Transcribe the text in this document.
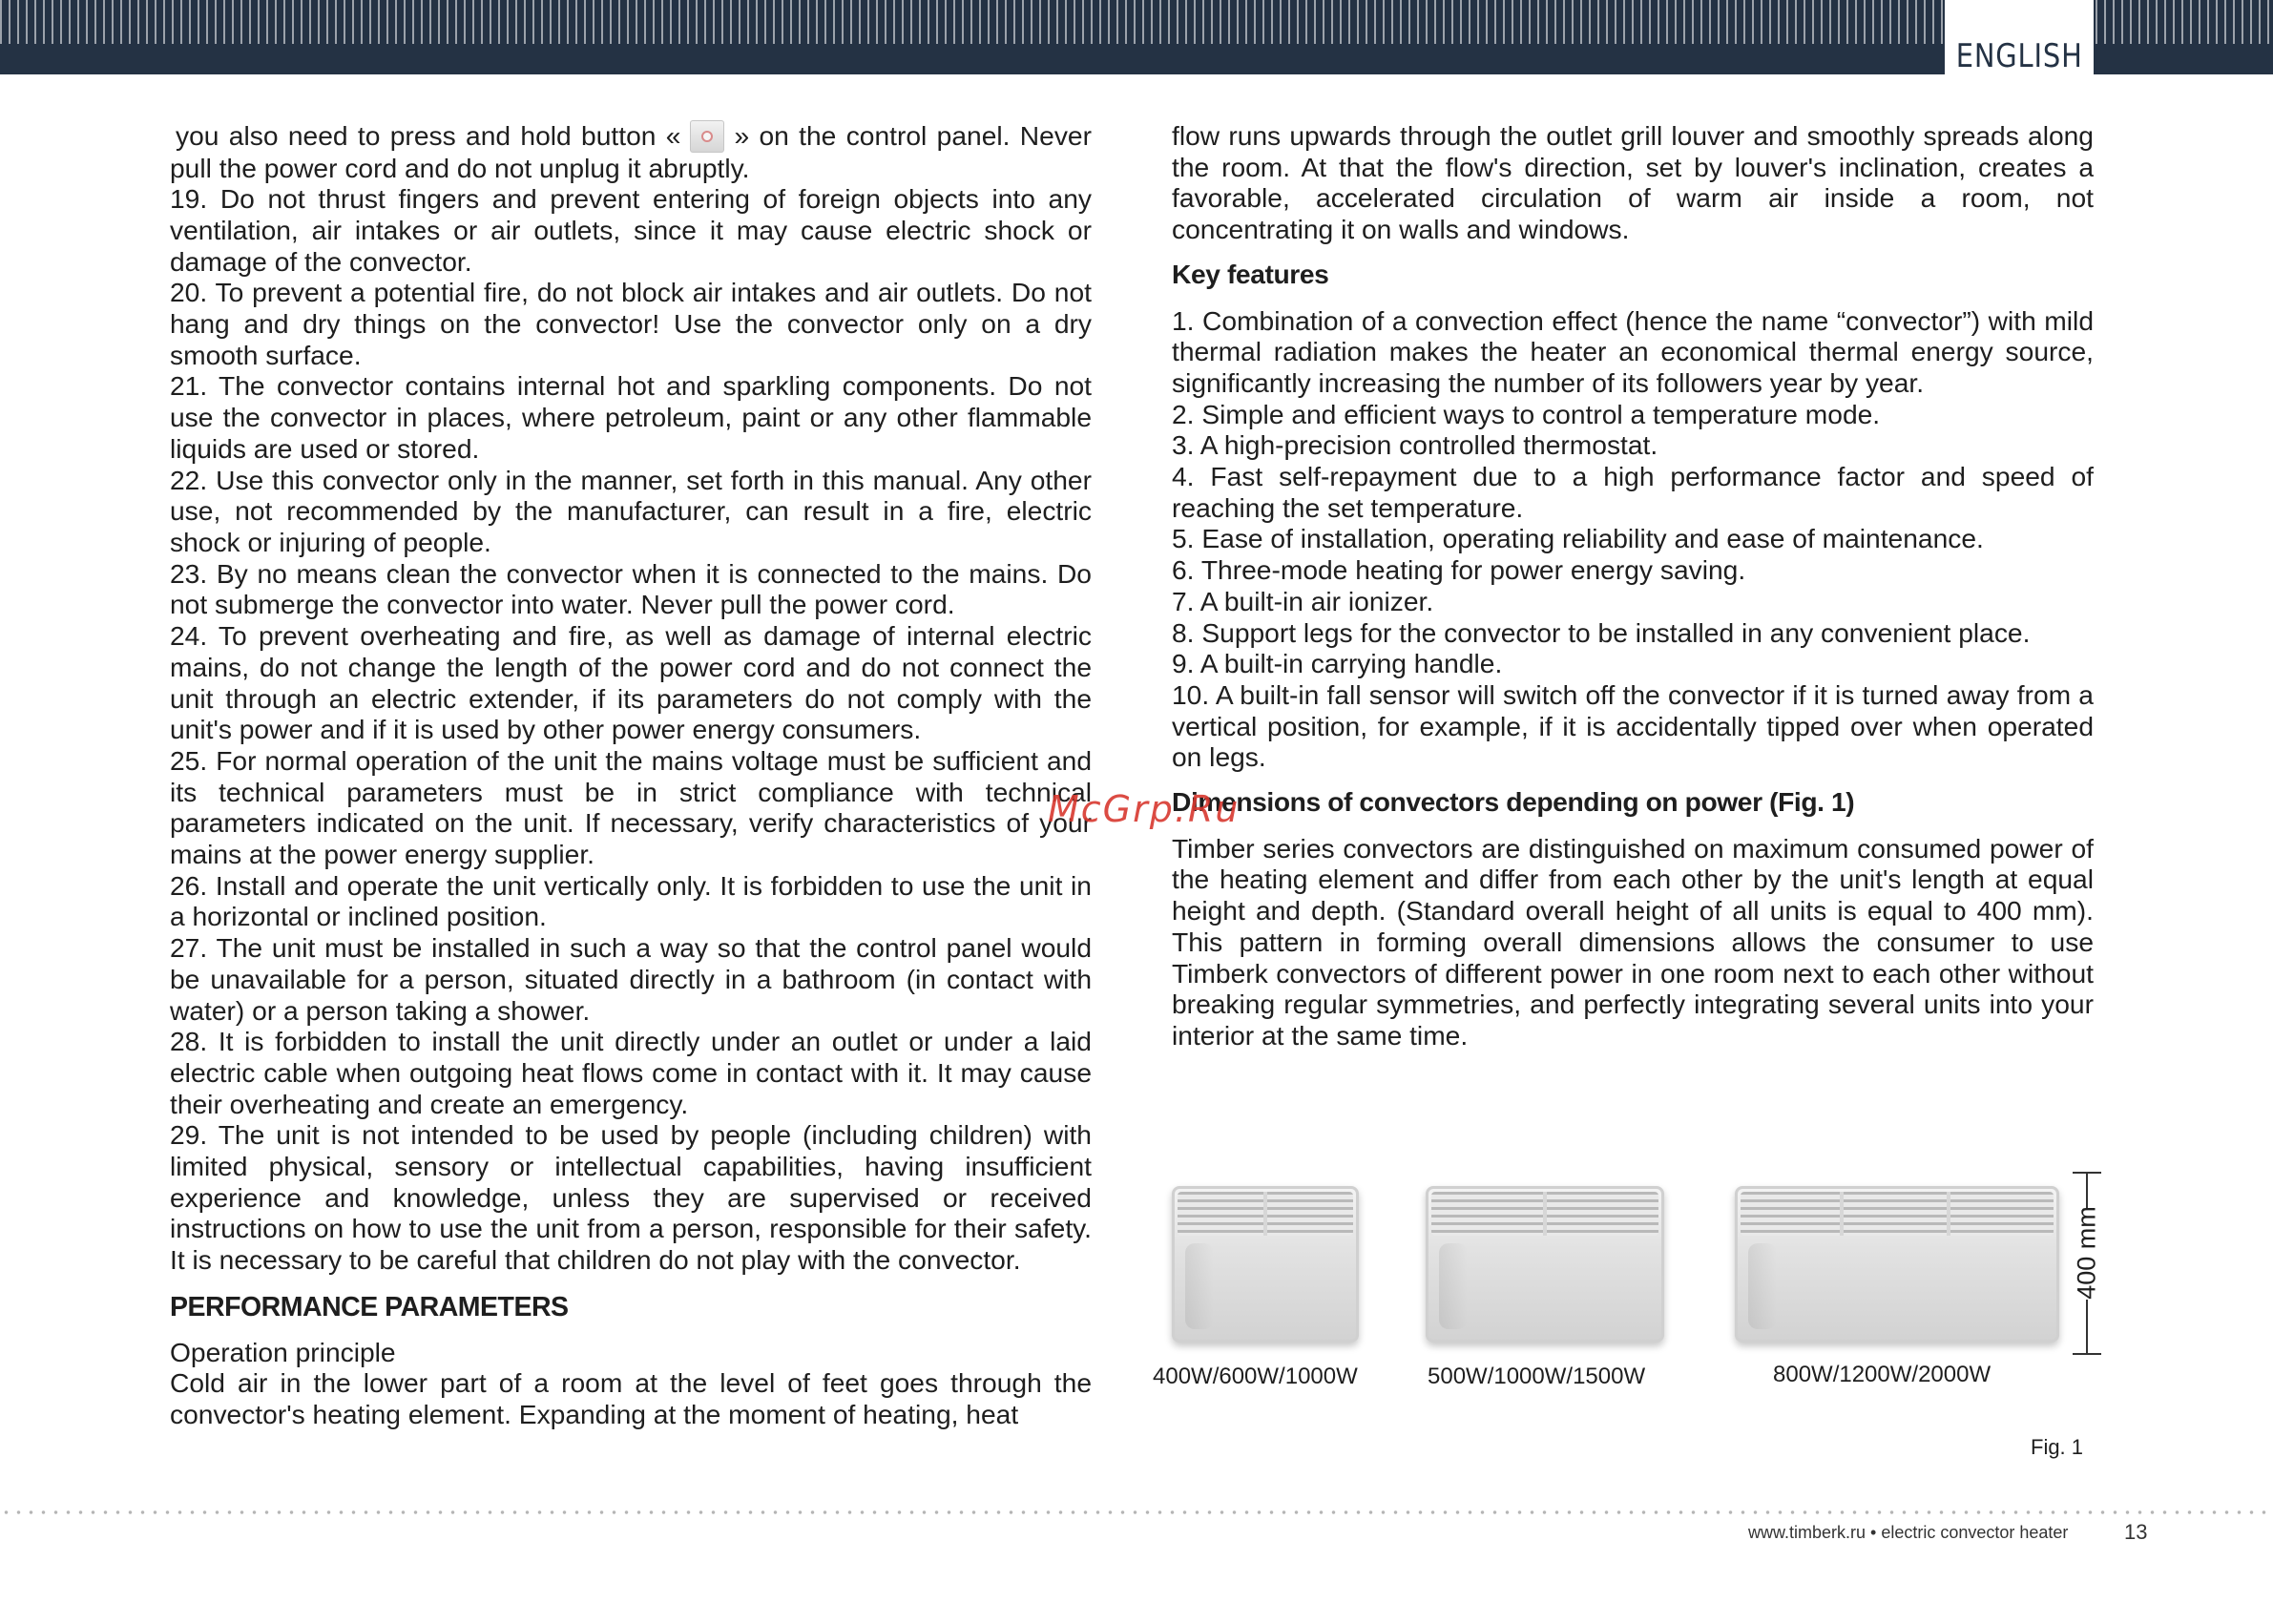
ENGLISH

you also need to press and hold button « » on the control panel. Never pull the power cord and do not unplug it abruptly.

19. Do not thrust fingers and prevent entering of foreign objects into any ventilation, air intakes or air outlets, since it may cause electric shock or damage of the convector.

20. To prevent a potential fire, do not block air intakes and air outlets. Do not hang and dry things on the convector! Use the convector only on a dry smooth surface.

21. The convector contains internal hot and sparkling components. Do not use the convector in places, where petroleum, paint or any other flammable liquids are used or stored.

22. Use this convector only in the manner, set forth in this manual. Any other use, not recommended by the manufacturer, can result in a fire, electric shock or injuring of people.

23. By no means clean the convector when it is connected to the mains. Do not submerge the convector into water. Never pull the power cord.

24. To prevent overheating and fire, as well as damage of internal electric mains, do not change the length of the power cord and do not connect the unit through an electric extender, if its parameters do not comply with the unit's power and if it is used by other power energy consumers.

25. For normal operation of the unit the mains voltage must be sufficient and its technical parameters must be in strict compliance with technical parameters indicated on the unit. If necessary, verify characteristics of your mains at the power energy supplier.

26. Install and operate the unit vertically only. It is forbidden to use the unit in a horizontal or inclined position.

27. The unit must be installed in such a way so that the control panel would be unavailable for a person, situated directly in a bathroom (in contact with water) or a person taking a shower.

28. It is forbidden to install the unit directly under an outlet or under a laid electric cable when outgoing heat flows come in contact with it. It may cause their overheating and create an emergency.

29. The unit is not intended to be used by people (including children) with limited physical, sensory or intellectual capabilities, having insufficient experience and knowledge, unless they are supervised or received instructions on how to use the unit from a person, responsible for their safety. It is necessary to be careful that children do not play with the convector.

PERFORMANCE PARAMETERS

Operation principle

Cold air in the lower part of a room at the level of feet goes through the convector's heating element. Expanding at the moment of heating, heat

flow runs upwards through the outlet grill louver and smoothly spreads along the room. At that the flow's direction, set by louver's inclination, creates a favorable, accelerated circulation of warm air inside a room, not concentrating it on walls and windows.

Key features

1. Combination of a convection effect (hence the name “convector”) with mild thermal radiation makes the heater an economical thermal energy source, significantly increasing the number of its followers year by year.

2. Simple and efficient ways to control a temperature mode.

3. A high-precision controlled thermostat.

4. Fast self-repayment due to a high performance factor and speed of reaching the set temperature.

5. Ease of installation, operating reliability and ease of maintenance.

6. Three-mode heating for power energy saving.

7. A built-in air ionizer.

8. Support legs for the convector to be installed in any convenient place.

9. A built-in carrying handle.

10. A built-in fall sensor will switch off the convector if it is turned away from a vertical position, for example, if it is accidentally tipped over when operated on legs.

Dimensions of convectors depending on power (Fig. 1)

Timber series convectors are distinguished on maximum consumed power of the heating element and differ from each other by the unit's length at equal height and depth. (Standard overall height of all units is equal to 400 mm). This pattern in forming overall dimensions allows the consumer to use Timberk convectors of different power in one room next to each other without breaking regular symmetries, and perfectly integrating several units into your interior at the same time.

McGrp.Ru
400W/600W/1000W	500W/1000W/1500W	800W/1200W/2000W
400 mm
Fig. 1
www.timberk.ru • electric convector heater	13
